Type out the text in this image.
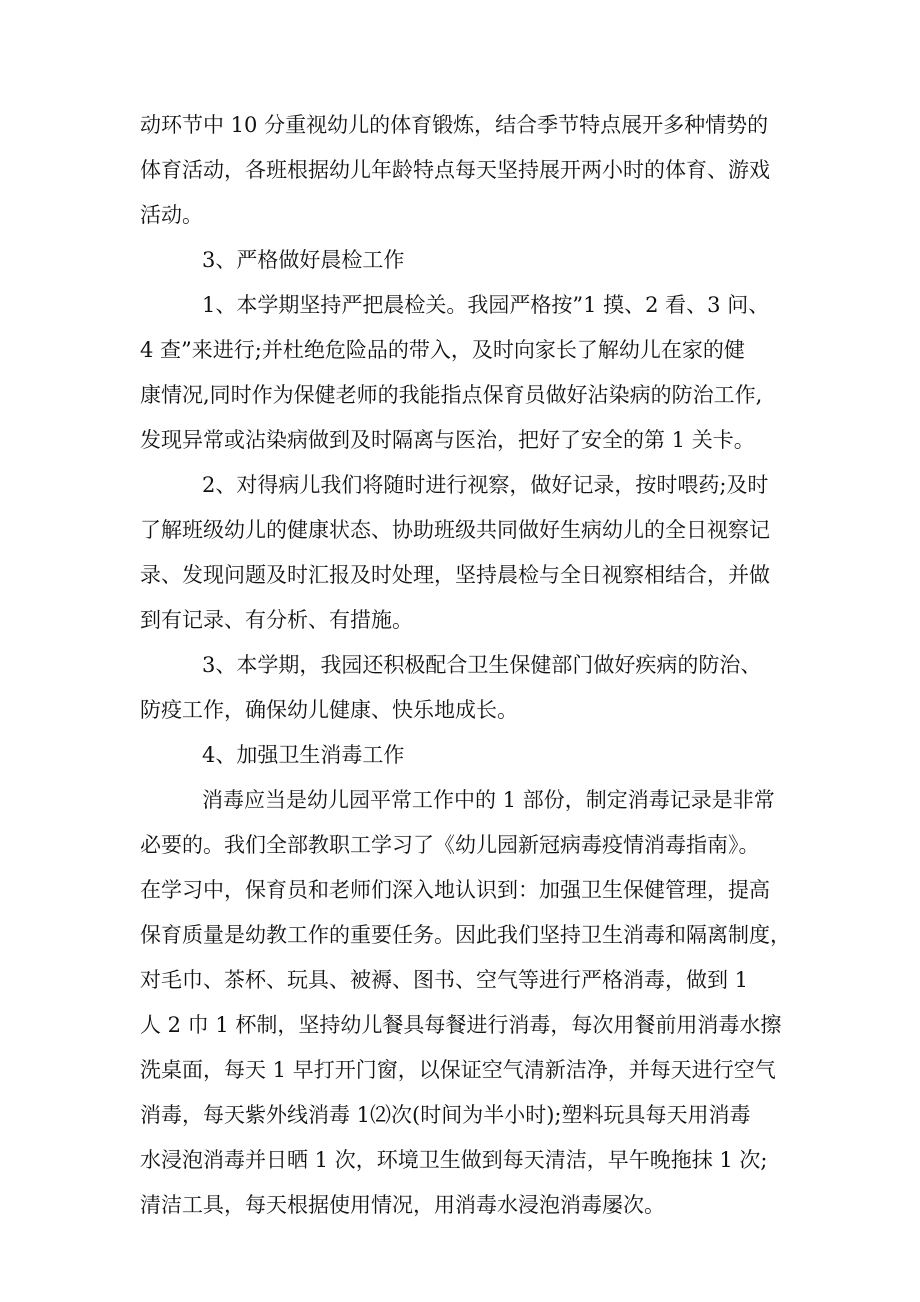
动环节中 10 分重视幼儿的体育锻炼，结合季节特点展开多种情势的
体育活动，各班根据幼儿年龄特点每天坚持展开两小时的体育、游戏
活动。
3、严格做好晨检工作
1、本学期坚持严把晨检关。我园严格按”1 摸、2 看、3 问、
4 查”来进行;并杜绝危险品的带入，及时向家长了解幼儿在家的健
康情况,同时作为保健老师的我能指点保育员做好沾染病的防治工作,
发现异常或沾染病做到及时隔离与医治，把好了安全的第 1 关卡。
2、对得病儿我们将随时进行视察，做好记录，按时喂药;及时
了解班级幼儿的健康状态、协助班级共同做好生病幼儿的全日视察记
录、发现问题及时汇报及时处理，坚持晨检与全日视察相结合，并做
到有记录、有分析、有措施。
3、本学期，我园还积极配合卫生保健部门做好疾病的防治、
防疫工作，确保幼儿健康、快乐地成长。
4、加强卫生消毒工作
消毒应当是幼儿园平常工作中的 1 部份，制定消毒记录是非常
必要的。我们全部教职工学习了《幼儿园新冠病毒疫情消毒指南》。
在学习中，保育员和老师们深入地认识到：加强卫生保健管理，提高
保育质量是幼教工作的重要任务。因此我们坚持卫生消毒和隔离制度，
对毛巾、茶杯、玩具、被褥、图书、空气等进行严格消毒，做到 1
人 2 巾 1 杯制，坚持幼儿餐具每餐进行消毒，每次用餐前用消毒水擦
洗桌面，每天 1 早打开门窗，以保证空气清新洁净，并每天进行空气
消毒，每天紫外线消毒 1⑵次(时间为半小时);塑料玩具每天用消毒
水浸泡消毒并日晒 1 次，环境卫生做到每天清洁，早午晚拖抹 1 次;
清洁工具，每天根据使用情况，用消毒水浸泡消毒屡次。
